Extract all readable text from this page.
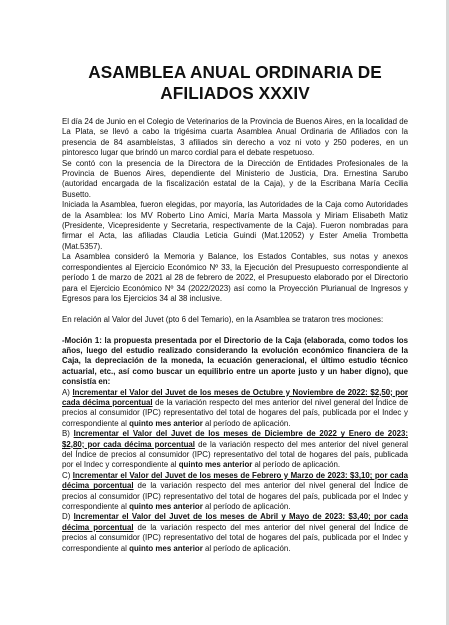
ASAMBLEA ANUAL ORDINARIA DE
AFILIADOS XXXIV

El día 24 de Junio en el Colegio de Veterinarios de la Provincia de Buenos Aires, en la localidad de La Plata, se llevó a cabo la trigésima cuarta Asamblea Anual Ordinaria de Afiliados con la presencia de 84 asambleístas, 3 afiliados sin derecho a voz ni voto y 250 poderes, en un pintoresco lugar que brindó un marco cordial para el debate respetuoso.

Se contó con la presencia de la Directora de la Dirección de Entidades Profesionales de la Provincia de Buenos Aires, dependiente del Ministerio de Justicia, Dra. Ernestina Sarubo (autoridad encargada de la fiscalización estatal de la Caja), y de la Escribana María Cecilia Busetto.

Iniciada la Asamblea, fueron elegidas, por mayoría, las Autoridades de la Caja como Autoridades de la Asamblea: los MV Roberto Lino Amici, María Marta Massola y Miriam Elisabeth Matiz (Presidente, Vicepresidente y Secretaria, respectivamente de la Caja). Fueron nombradas para firmar el Acta, las afiliadas Claudia Leticia Guindi (Mat.12052) y Ester Amelia Trombetta (Mat.5357).

La Asamblea consideró la Memoria y Balance, los Estados Contables, sus notas y anexos correspondientes al Ejercicio Económico Nº 33, la Ejecución del Presupuesto correspondiente al período 1 de marzo de 2021 al 28 de febrero de 2022, el Presupuesto elaborado por el Directorio para el Ejercicio Económico Nº 34 (2022/2023) así como la Proyección Plurianual de Ingresos y Egresos para los Ejercicios 34 al 38 inclusive.

En relación al Valor del Juvet (pto 6 del Temario), en la Asamblea se trataron tres mociones:

-Moción 1: la propuesta presentada por el Directorio de la Caja (elaborada, como todos los años, luego del estudio realizado considerando la evolución económico financiera de la Caja, la depreciación de la moneda, la ecuación generacional, el último estudio técnico actuarial, etc., así como buscar un equilibrio entre un aporte justo y un haber digno), que consistía en:

A) Incrementar el Valor del Juvet de los meses de Octubre y Noviembre de 2022: $2,50; por cada décima porcentual de la variación respecto del mes anterior del nivel general del Índice de precios al consumidor (IPC) representativo del total de hogares del país, publicada por el Indec y correspondiente al quinto mes anterior al período de aplicación.

B) Incrementar el Valor del Juvet de los meses de Diciembre de 2022 y Enero de 2023: $2,80; por cada décima porcentual de la variación respecto del mes anterior del nivel general del Índice de precios al consumidor (IPC) representativo del total de hogares del país, publicada por el Indec y correspondiente al quinto mes anterior al período de aplicación.

C) Incrementar el Valor del Juvet de los meses de Febrero y Marzo de 2023: $3,10; por cada décima porcentual de la variación respecto del mes anterior del nivel general del Índice de precios al consumidor (IPC) representativo del total de hogares del país, publicada por el Indec y correspondiente al quinto mes anterior al período de aplicación.

D) Incrementar el Valor del Juvet de los meses de Abril y Mayo de 2023: $3,40; por cada décima porcentual de la variación respecto del mes anterior del nivel general del Índice de precios al consumidor (IPC) representativo del total de hogares del país, publicada por el Indec y correspondiente al quinto mes anterior al período de aplicación.
